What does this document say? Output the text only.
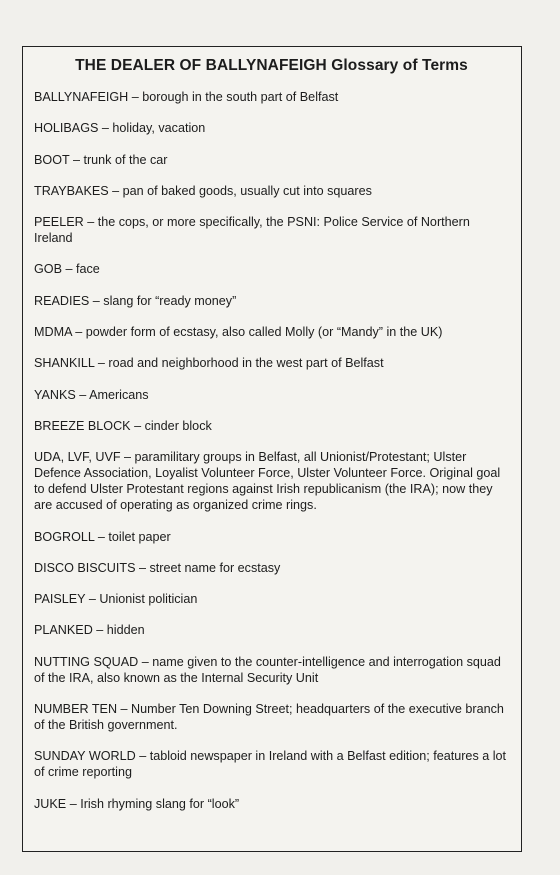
THE DEALER OF BALLYNAFEIGH Glossary of Terms
BALLYNAFEIGH – borough in the south part of Belfast
HOLIBAGS – holiday, vacation
BOOT – trunk of the car
TRAYBAKES – pan of baked goods, usually cut into squares
PEELER – the cops, or more specifically, the PSNI: Police Service of Northern Ireland
GOB – face
READIES – slang for “ready money”
MDMA – powder form of ecstasy, also called Molly (or “Mandy” in the UK)
SHANKILL – road and neighborhood in the west part of Belfast
YANKS – Americans
BREEZE BLOCK – cinder block
UDA, LVF, UVF – paramilitary groups in Belfast, all Unionist/Protestant; Ulster Defence Association, Loyalist Volunteer Force, Ulster Volunteer Force. Original goal to defend Ulster Protestant regions against Irish republicanism (the IRA); now they are accused of operating as organized crime rings.
BOGROLL – toilet paper
DISCO BISCUITS – street name for ecstasy
PAISLEY – Unionist politician
PLANKED – hidden
NUTTING SQUAD – name given to the counter-intelligence and interrogation squad of the IRA, also known as the Internal Security Unit
NUMBER TEN – Number Ten Downing Street; headquarters of the executive branch of the British government.
SUNDAY WORLD – tabloid newspaper in Ireland with a Belfast edition; features a lot of crime reporting
JUKE – Irish rhyming slang for “look”
